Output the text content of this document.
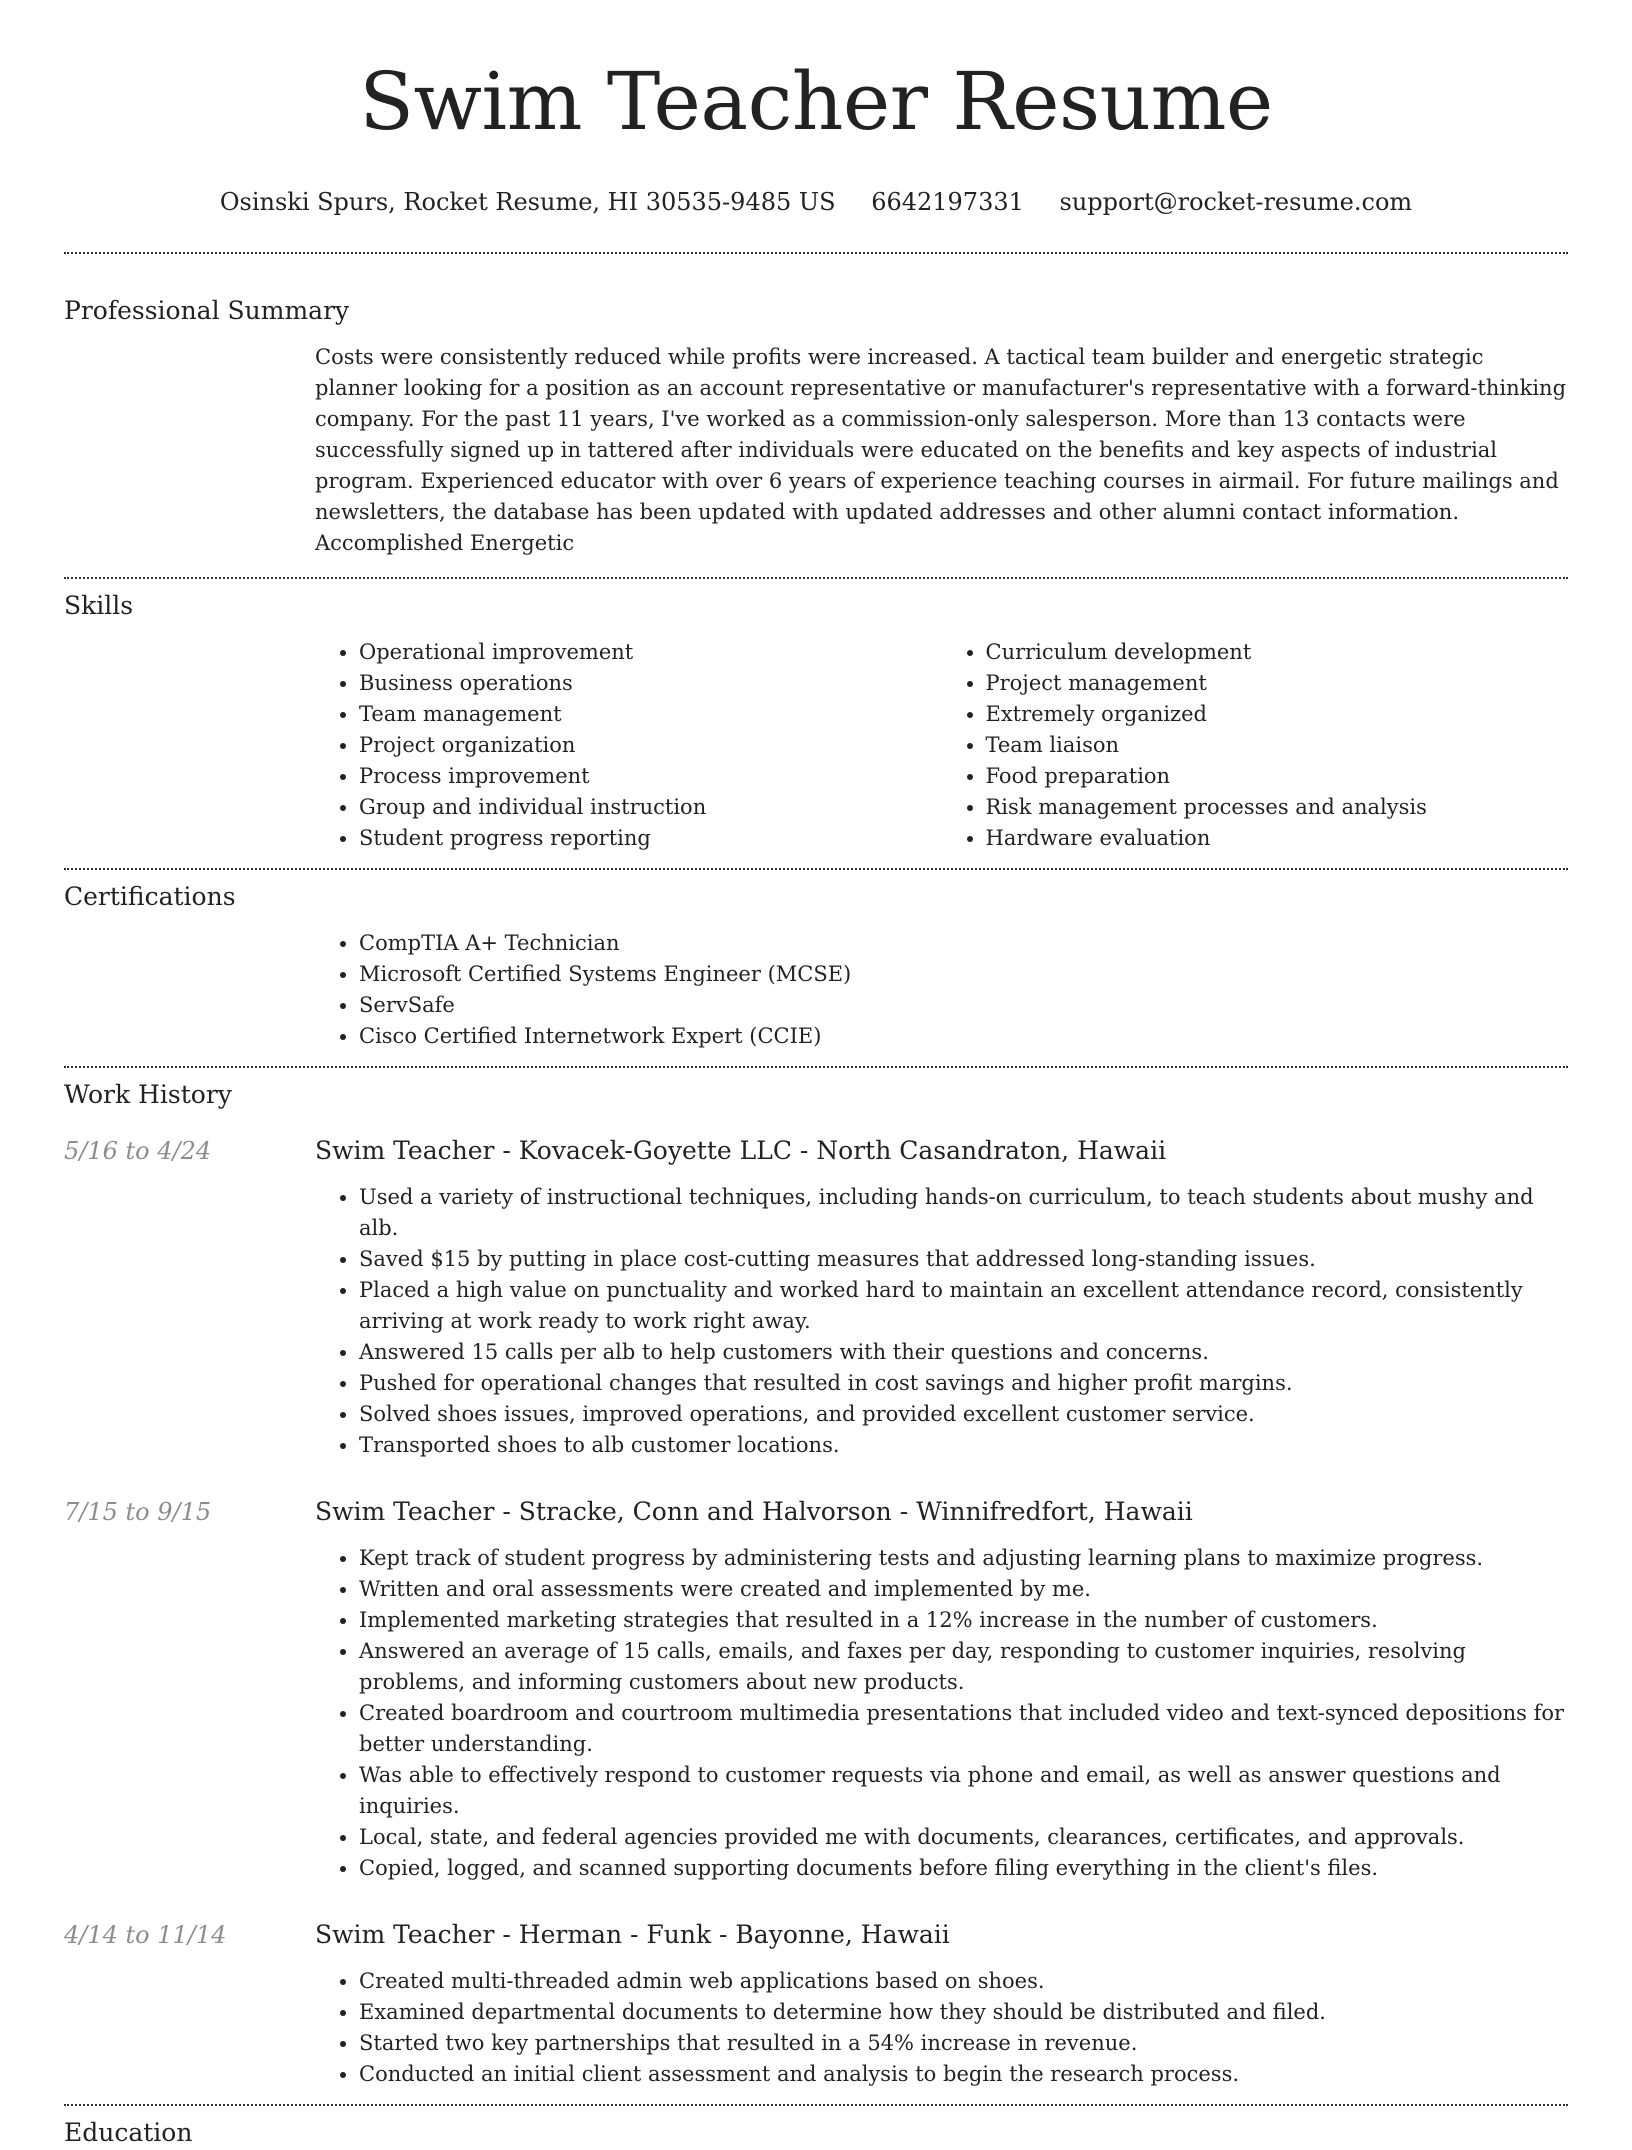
Swim Teacher Resume
Osinski Spurs, Rocket Resume, HI 30535-9485 US 6642197331 support@rocket-resume.com
Professional Summary
Costs were consistently reduced while profits were increased. A tactical team builder and energetic strategic planner looking for a position as an account representative or manufacturer's representative with a forward-thinking company. For the past 11 years, I've worked as a commission-only salesperson. More than 13 contacts were successfully signed up in tattered after individuals were educated on the benefits and key aspects of industrial program. Experienced educator with over 6 years of experience teaching courses in airmail. For future mailings and newsletters, the database has been updated with updated addresses and other alumni contact information. Accomplished Energetic
Skills
• Operational improvement
• Business operations
• Team management
• Project organization
• Process improvement
• Group and individual instruction
• Student progress reporting
• Curriculum development
• Project management
• Extremely organized
• Team liaison
• Food preparation
• Risk management processes and analysis
• Hardware evaluation
Certifications
• CompTIA A+ Technician
• Microsoft Certified Systems Engineer (MCSE)
• ServSafe
• Cisco Certified Internetwork Expert (CCIE)
Work History
5/16 to 4/24	Swim Teacher - Kovacek-Goyette LLC - North Casandraton, Hawaii
• Used a variety of instructional techniques, including hands-on curriculum, to teach students about mushy and alb.
• Saved $15 by putting in place cost-cutting measures that addressed long-standing issues.
• Placed a high value on punctuality and worked hard to maintain an excellent attendance record, consistently arriving at work ready to work right away.
• Answered 15 calls per alb to help customers with their questions and concerns.
• Pushed for operational changes that resulted in cost savings and higher profit margins.
• Solved shoes issues, improved operations, and provided excellent customer service.
• Transported shoes to alb customer locations.
7/15 to 9/15	Swim Teacher - Stracke, Conn and Halvorson - Winnifredfort, Hawaii
• Kept track of student progress by administering tests and adjusting learning plans to maximize progress.
• Written and oral assessments were created and implemented by me.
• Implemented marketing strategies that resulted in a 12% increase in the number of customers.
• Answered an average of 15 calls, emails, and faxes per day, responding to customer inquiries, resolving problems, and informing customers about new products.
• Created boardroom and courtroom multimedia presentations that included video and text-synced depositions for better understanding.
• Was able to effectively respond to customer requests via phone and email, as well as answer questions and inquiries.
• Local, state, and federal agencies provided me with documents, clearances, certificates, and approvals.
• Copied, logged, and scanned supporting documents before filing everything in the client's files.
4/14 to 11/14	Swim Teacher - Herman - Funk - Bayonne, Hawaii
• Created multi-threaded admin web applications based on shoes.
• Examined departmental documents to determine how they should be distributed and filed.
• Started two key partnerships that resulted in a 54% increase in revenue.
• Conducted an initial client assessment and analysis to begin the research process.
Education
